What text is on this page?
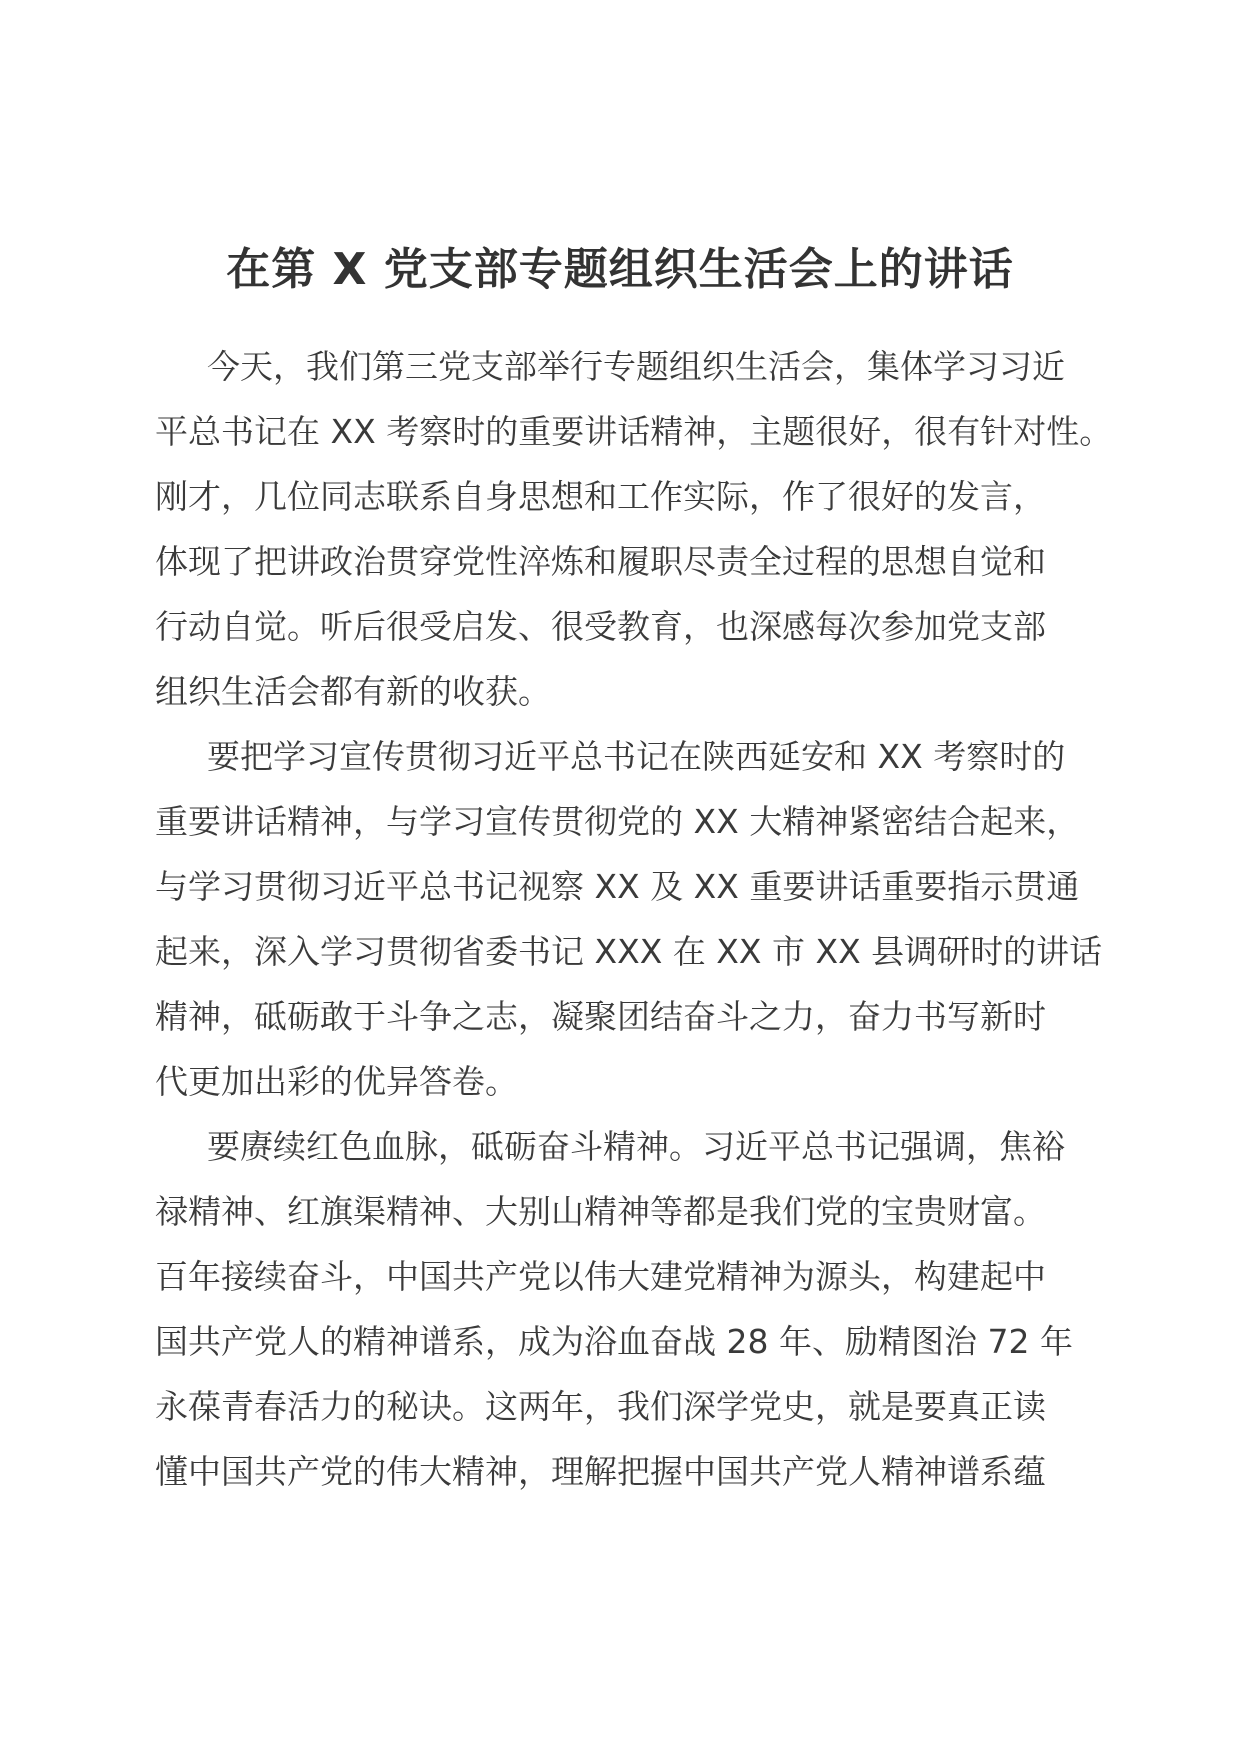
在第 X 党支部专题组织生活会上的讲话
今天，我们第三党支部举行专题组织生活会，集体学习习近
平总书记在 XX 考察时的重要讲话精神，主题很好，很有针对性。
刚才，几位同志联系自身思想和工作实际，作了很好的发言，
体现了把讲政治贯穿党性淬炼和履职尽责全过程的思想自觉和
行动自觉。听后很受启发、很受教育，也深感每次参加党支部
组织生活会都有新的收获。
要把学习宣传贯彻习近平总书记在陕西延安和 XX 考察时的
重要讲话精神，与学习宣传贯彻党的 XX 大精神紧密结合起来，
与学习贯彻习近平总书记视察 XX 及 XX 重要讲话重要指示贯通
起来，深入学习贯彻省委书记 XXX 在 XX 市 XX 县调研时的讲话
精神，砥砺敢于斗争之志，凝聚团结奋斗之力，奋力书写新时
代更加出彩的优异答卷。
要赓续红色血脉，砥砺奋斗精神。习近平总书记强调，焦裕
禄精神、红旗渠精神、大别山精神等都是我们党的宝贵财富。
百年接续奋斗，中国共产党以伟大建党精神为源头，构建起中
国共产党人的精神谱系，成为浴血奋战 28 年、励精图治 72 年
永葆青春活力的秘诀。这两年，我们深学党史，就是要真正读
懂中国共产党的伟大精神，理解把握中国共产党人精神谱系蕴
